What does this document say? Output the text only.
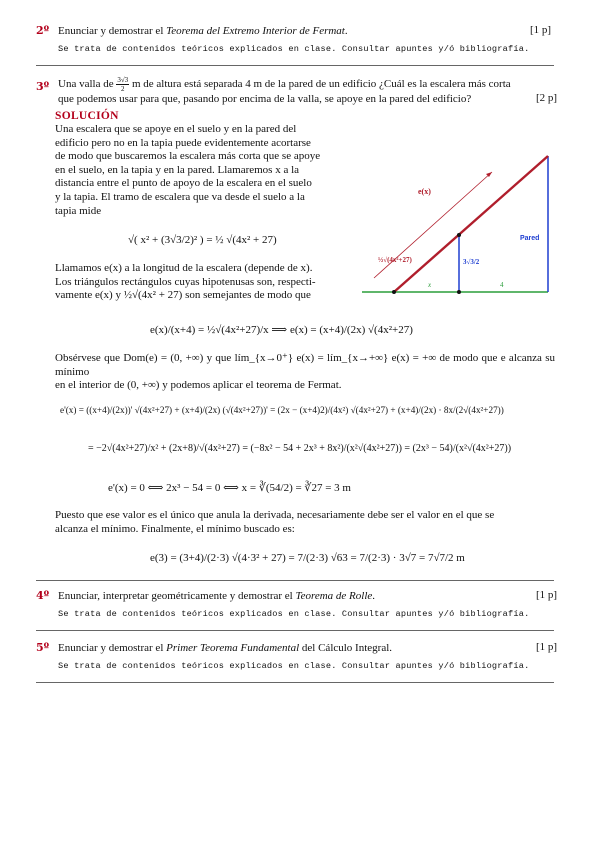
2º Enunciar y demostrar el Teorema del Extremo Interior de Fermat.	[1 p]
Se trata de contenidos teóricos explicados en clase. Consultar apuntes y/ó bibliografía.
3º Una valla de $\frac{3√3}{2}$ m de altura está separada 4 m de la pared de un edificio ¿Cuál es la escalera más corta
que podemos usar para que, pasando por encima de la valla, se apoye en la pared del edificio?	[2 p]
SOLUCIÓN
Una escalera que se apoye en el suelo y en la pared del
edificio pero no en la tapia puede evidentemente acortarse
de modo que buscaremos la escalera más corta que se apoye
en el suelo, en la tapia y en la pared. Llamaremos x a la
distancia entre el punto de apoyo de la escalera en el suelo
y la tapia. El tramo de escalera que va desde el suelo a la
tapia mide
√( x² + (3√3/2)² ) = ½ √(4x² + 27)
Llamamos e(x) a la longitud de la escalera (depende de x).
Los triángulos rectángulos cuyas hipotenusas son, respecti-
vamente e(x) y ½√(4x² + 27) son semejantes de modo que
e(x)
Pared
½√(4x²+27)	3√3/2
x	4
e(x)/(x+4) = ½√(4x²+27)/x ⟹ e(x) = (x+4)/(2x) √(4x²+27)
Obsérvese que Dom(e) = (0, +∞) y que lím_{x→0⁺} e(x) = lím_{x→+∞} e(x) = +∞ de modo que e alcanza su mínimo
en el interior de (0, +∞) y podemos aplicar el teorema de Fermat.
e'(x) = ((x+4)/(2x))' √(4x²+27) + (x+4)/(2x) (√(4x²+27))' = (2x − (x+4)2)/(4x²) √(4x²+27) + (x+4)/(2x) · 8x/(2√(4x²+27))
= −2√(4x²+27)/x² + (2x+8)/√(4x²+27) = (−8x² − 54 + 2x³ + 8x²)/(x²√(4x²+27)) = (2x³ − 54)/(x²√(4x²+27))
e'(x) = 0 ⟺ 2x³ − 54 = 0 ⟺ x = ∛(54/2) = ∛27 = 3 m
Puesto que ese valor es el único que anula la derivada, necesariamente debe ser el valor en el que se
alcanza el mínimo. Finalmente, el mínimo buscado es:
e(3) = (3+4)/(2·3) √(4·3² + 27) = 7/(2·3) √63 = 7/(2·3) · 3√7 = 7√7/2 m
4º Enunciar, interpretar geométricamente y demostrar el Teorema de Rolle.	[1 p]
Se trata de contenidos teóricos explicados en clase. Consultar apuntes y/ó bibliografía.
5º Enunciar y demostrar el Primer Teorema Fundamental del Cálculo Integral.	[1 p]
Se trata de contenidos teóricos explicados en clase. Consultar apuntes y/ó bibliografía.
